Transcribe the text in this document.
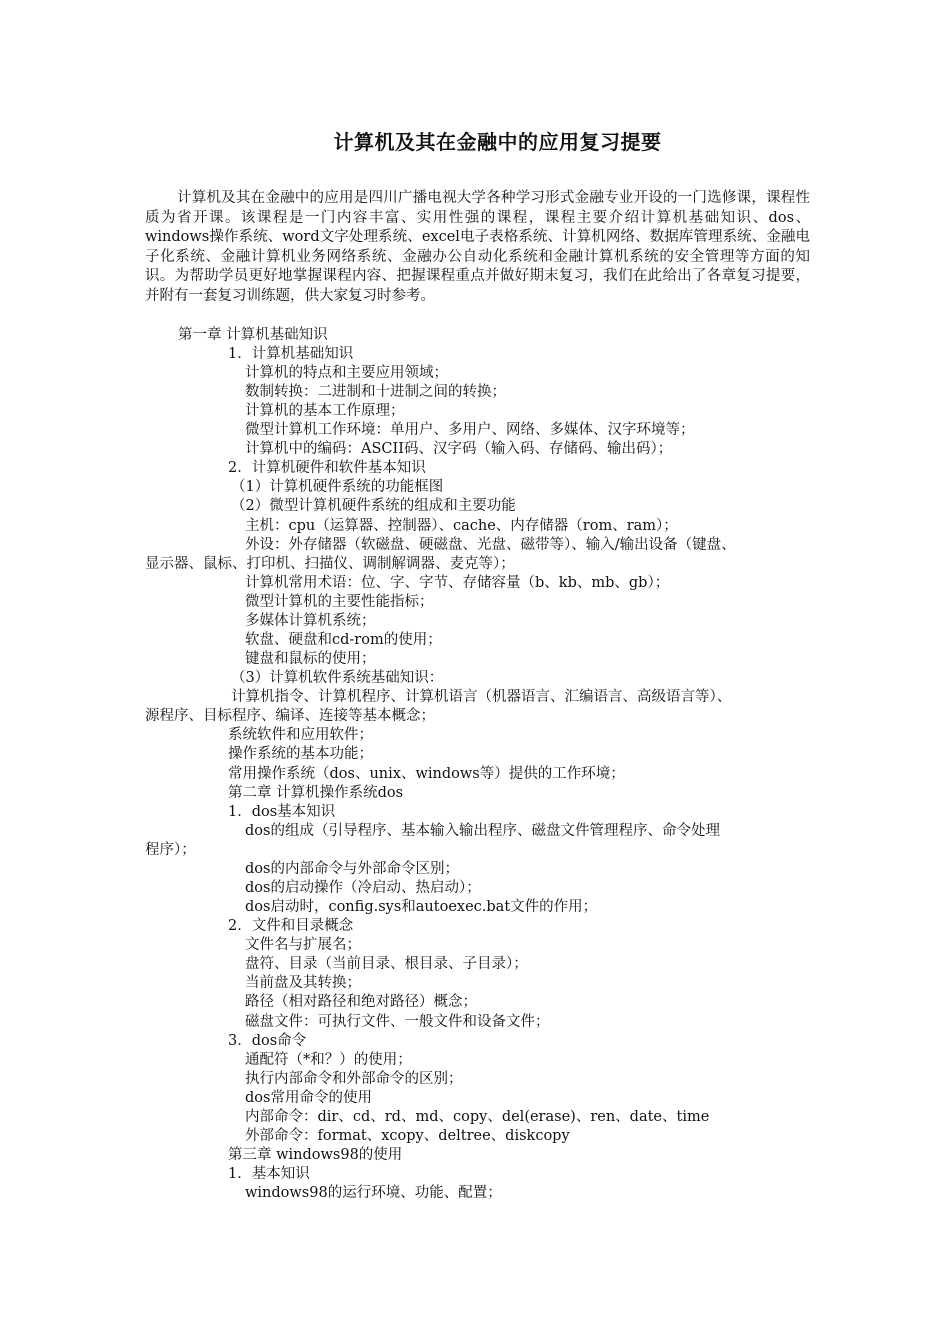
计算机及其在金融中的应用复习提要
计算机及其在金融中的应用是四川广播电视大学各种学习形式金融专业开设的一门选修课，课程性质为省开课。该课程是一门内容丰富、实用性强的课程，课程主要介绍计算机基础知识、dos、windows操作系统、word文字处理系统、excel电子表格系统、计算机网络、数据库管理系统、金融电子化系统、金融计算机业务网络系统、金融办公自动化系统和金融计算机系统的安全管理等方面的知识。为帮助学员更好地掌握课程内容、把握课程重点并做好期末复习，我们在此给出了各章复习提要，并附有一套复习训练题，供大家复习时参考。
第一章 计算机基础知识
1．计算机基础知识
计算机的特点和主要应用领域；
数制转换：二进制和十进制之间的转换；
计算机的基本工作原理；
微型计算机工作环境：单用户、多用户、网络、多媒体、汉字环境等；
计算机中的编码：ASCII码、汉字码（输入码、存储码、输出码）；
2．计算机硬件和软件基本知识
（1）计算机硬件系统的功能框图
（2）微型计算机硬件系统的组成和主要功能
主机：cpu（运算器、控制器）、cache、内存储器（rom、ram）；
外设：外存储器（软磁盘、硬磁盘、光盘、磁带等）、输入/输出设备（键盘、
显示器、鼠标、打印机、扫描仪、调制解调器、麦克等）；
计算机常用术语：位、字、字节、存储容量（b、kb、mb、gb）；
微型计算机的主要性能指标；
多媒体计算机系统；
软盘、硬盘和cd-rom的使用；
键盘和鼠标的使用；
（3）计算机软件系统基础知识：
计算机指令、计算机程序、计算机语言（机器语言、汇编语言、高级语言等）、
源程序、目标程序、编译、连接等基本概念；
系统软件和应用软件；
操作系统的基本功能；
常用操作系统（dos、unix、windows等）提供的工作环境；
第二章 计算机操作系统dos
1．dos基本知识
dos的组成（引导程序、基本输入输出程序、磁盘文件管理程序、命令处理
程序）；
dos的内部命令与外部命令区别；
dos的启动操作（冷启动、热启动）；
dos启动时，config.sys和autoexec.bat文件的作用；
2．文件和目录概念
文件名与扩展名；
盘符、目录（当前目录、根目录、子目录）；
当前盘及其转换；
路径（相对路径和绝对路径）概念；
磁盘文件：可执行文件、一般文件和设备文件；
3．dos命令
通配符（*和？）的使用；
执行内部命令和外部命令的区别；
dos常用命令的使用
内部命令：dir、cd、rd、md、copy、del(erase)、ren、date、time
外部命令：format、xcopy、deltree、diskcopy
第三章 windows98的使用
1．基本知识
windows98的运行环境、功能、配置；
